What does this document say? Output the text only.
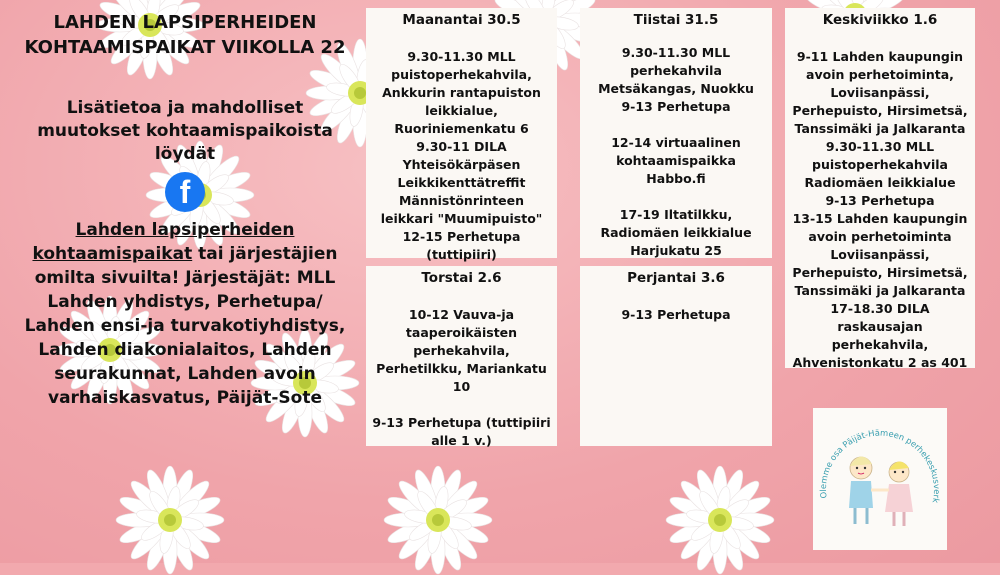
LAHDEN LAPSIPERHEIDEN KOHTAAMISPAIKAT VIIKOLLA 22
Lisätietoa ja mahdolliset muutokset kohtaamispaikoista löydät
f
Lahden lapsiperheiden kohtaamispaikat tai järjestäjien omilta sivuilta! Järjestäjät: MLL Lahden yhdistys, Perhetupa/ Lahden ensi-ja turvakotiyhdistys, Lahden diakonialaitos, Lahden seurakunnat, Lahden avoin varhaiskasvatus, Päijät-Sote
Maanantai 30.5
9.30-11.30 MLL puistoperhekahvila, Ankkurin rantapuiston leikkialue, Ruoriniemenkatu 6
9.30-11 DILA Yhteisökärpäsen Leikkikenttätreffit Männistönrinteen leikkari "Muumipuisto"
12-15 Perhetupa (tuttipiiri)
Tiistai 31.5
9.30-11.30 MLL perhekahvila Metsäkangas, Nuokku
9-13 Perhetupa

12-14 virtuaalinen kohtaamispaikka Habbo.fi

17-19 Iltatilkku, Radiomäen leikkialue Harjukatu 25
Keskiviikko 1.6
9-11 Lahden kaupungin avoin perhetoiminta, Loviisanpässi, Perhepuisto, Hirsimetsä, Tanssimäki ja Jalkaranta
9.30-11.30 MLL puistoperhekahvila Radiomäen leikkialue
9-13 Perhetupa
13-15 Lahden kaupungin avoin perhetoiminta Loviisanpässi, Perhepuisto, Hirsimetsä, Tanssimäki ja Jalkaranta
17-18.30 DILA raskausajan perhekahvila, Ahvenistonkatu 2 as 401
Torstai 2.6
10-12 Vauva-ja taaperoikäisten perhekahvila, Perhetilkku, Mariankatu 10

9-13 Perhetupa (tuttipiiri alle 1 v.)
Perjantai 3.6
9-13 Perhetupa
Olemme osa Päijät-Hämeen perhekeskusverk
